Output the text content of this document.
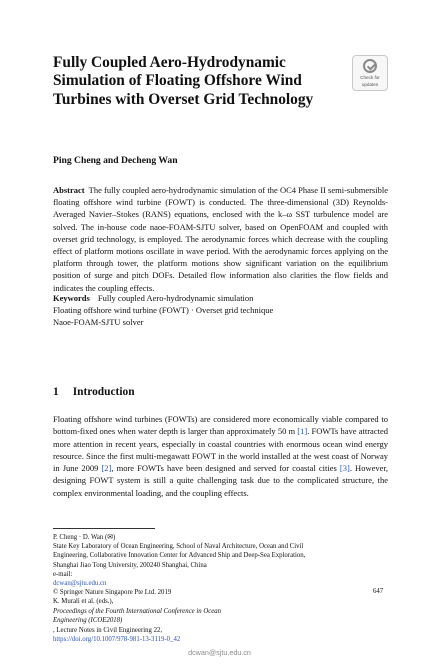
Fully Coupled Aero-Hydrodynamic Simulation of Floating Offshore Wind Turbines with Overset Grid Technology
Check for
updates
Ping Cheng and Decheng Wan

Abstract The fully coupled aero-hydrodynamic simulation of the OC4 Phase II semi-submersible floating offshore wind turbine (FOWT) is conducted. The three-dimensional (3D) Reynolds-Averaged Navier–Stokes (RANS) equations, enclosed with the k–ω SST turbulence model are solved. The in-house code naoe-FOAM-SJTU solver, based on OpenFOAM and coupled with overset grid technology, is employed. The aerodynamic forces which decrease with the coupling effect of platform motions oscillate in wave period. With the aerodynamic forces applying on the platform through tower, the platform motions show significant variation on the equilibrium position of surge and pitch DOFs. Detailed flow information also clarities the flow fields and indicates the coupling effects.

Keywords Fully coupled Aero-hydrodynamic simulation
Floating offshore wind turbine (FOWT) · Overset grid technique
Naoe-FOAM-SJTU solver
1 Introduction

Floating offshore wind turbines (FOWTs) are considered more economically viable compared to bottom-fixed ones when water depth is larger than approximately 50 m [1]. FOWTs have attracted more attention in recent years, especially in coastal countries with enormous ocean wind energy resource. Since the first multi-megawatt FOWT in the world installed at the west coast of Norway in June 2009 [2], more FOWTs have been designed and served for coastal cities [3]. However, designing FOWT system is still a quite challenging task due to the complicated structure, the complex environmental loading, and the coupling effects.

P. Cheng · D. Wan (✉)
State Key Laboratory of Ocean Engineering, School of Naval Architecture, Ocean and Civil
Engineering, Collaborative Innovation Center for Advanced Ship and Deep-Sea Exploration,
Shanghai Jiao Tong University, 200240 Shanghai, China
e-mail:
dcwan@sjtu.edu.cn

© Springer Nature Singapore Pte Ltd. 2019
K. Murali et al. (eds.),
Proceedings of the Fourth International Conference in Ocean
Engineering (ICOE2018)
, Lecture Notes in Civil Engineering 22,
https://doi.org/10.1007/978-981-13-3119-0_42

647
dcwan@sjtu.edu.cn
